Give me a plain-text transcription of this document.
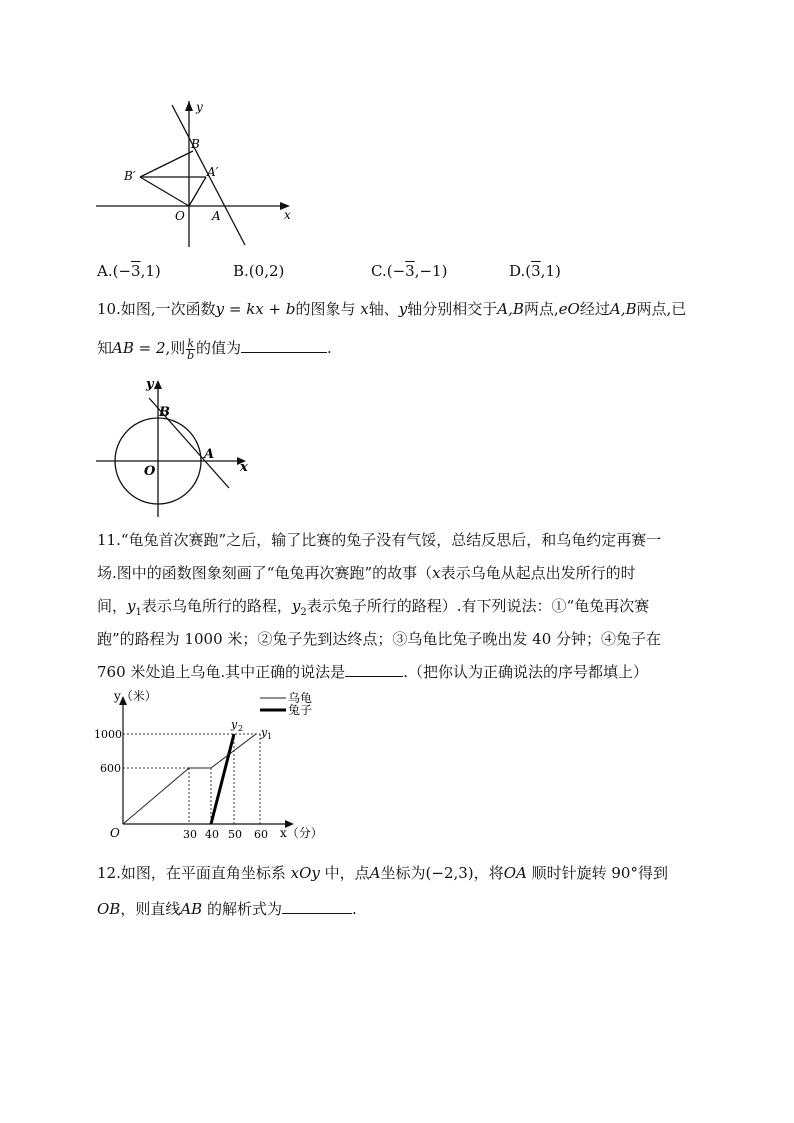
y
x
O A
B
B′	A′
A.(−3,1)	B.(0,2)	C.(−3,−1)	D.(3,1)
10.如图,一次函数y = kx + b的图象与 x轴、y轴分别相交于A,B两点,eO经过A,B两点,已
知AB = 2,则 $\frac{k}{b}$ 的值为	.
y
x
O
A
B
11.“龟兔首次赛跑”之后，输了比赛的兔子没有气馁，总结反思后，和乌龟约定再赛一
场.图中的函数图象刻画了“龟兔再次赛跑”的故事（x表示乌龟从起点出发所行的时
间，$y_1$表示乌龟所行的路程，$y_2$表示兔子所行的路程）.有下列说法：①“龟兔再次赛
跑”的路程为 1000 米；②兔子先到达终点；③乌龟比兔子晚出发 40 分钟；④兔子在
760 米处追上乌龟.其中正确的说法是	.（把你认为正确说法的序号都填上）
乌龟
兔子
y（米）
x（分）
1000
600
30 40 50 60
O
y 2 y 1
12.如图，在平面直角坐标系 xOy 中，点A坐标为(−2,3)，将OA 顺时针旋转 90°得到
OB，则直线AB 的解析式为	.
